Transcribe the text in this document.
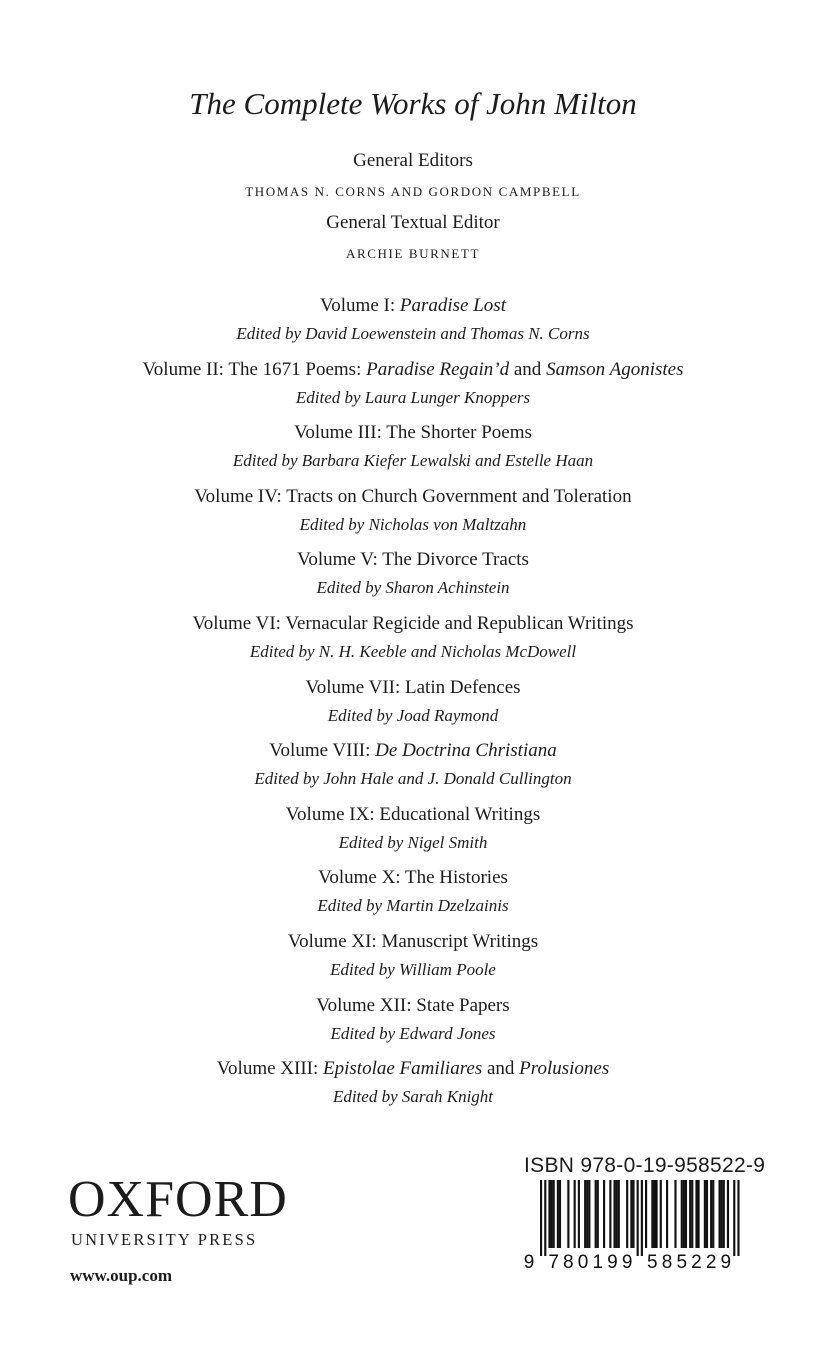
The Complete Works of John Milton
General Editors
THOMAS N. CORNS AND GORDON CAMPBELL
General Textual Editor
ARCHIE BURNETT
Volume I: Paradise Lost
Edited by David Loewenstein and Thomas N. Corns
Volume II: The 1671 Poems: Paradise Regain’d and Samson Agonistes
Edited by Laura Lunger Knoppers
Volume III: The Shorter Poems
Edited by Barbara Kiefer Lewalski and Estelle Haan
Volume IV: Tracts on Church Government and Toleration
Edited by Nicholas von Maltzahn
Volume V: The Divorce Tracts
Edited by Sharon Achinstein
Volume VI: Vernacular Regicide and Republican Writings
Edited by N. H. Keeble and Nicholas McDowell
Volume VII: Latin Defences
Edited by Joad Raymond
Volume VIII: De Doctrina Christiana
Edited by John Hale and J. Donald Cullington
Volume IX: Educational Writings
Edited by Nigel Smith
Volume X: The Histories
Edited by Martin Dzelzainis
Volume XI: Manuscript Writings
Edited by William Poole
Volume XII: State Papers
Edited by Edward Jones
Volume XIII: Epistolae Familiares and Prolusiones
Edited by Sarah Knight
OXFORD
UNIVERSITY PRESS
www.oup.com
ISBN 978-0-19-958522-9
9 7 8 0 1 9 9 5 8 5 2 2 9
